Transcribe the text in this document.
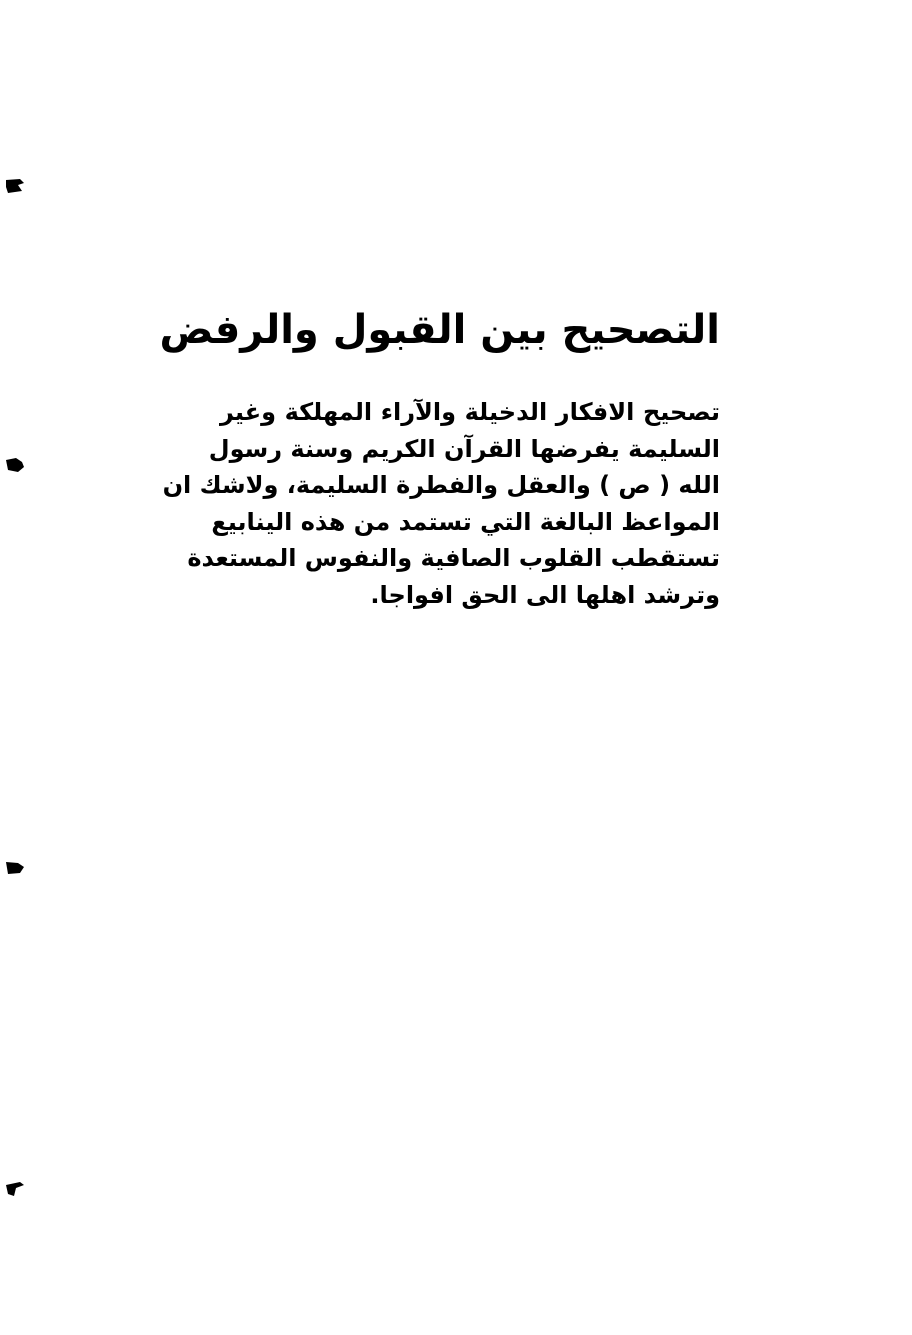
التصحيح بين القبول والرفض
تصحيح الافكار الدخيلة والآراء المهلكة وغير
السليمة يفرضها القرآن الكريم وسنة رسول
الله ( ص ) والعقل والفطرة السليمة، ولاشك ان
المواعظ البالغة التي تستمد من هذه الينابيع
تستقطب القلوب الصافية والنفوس المستعدة
وترشد اهلها الى الحق افواجا.
